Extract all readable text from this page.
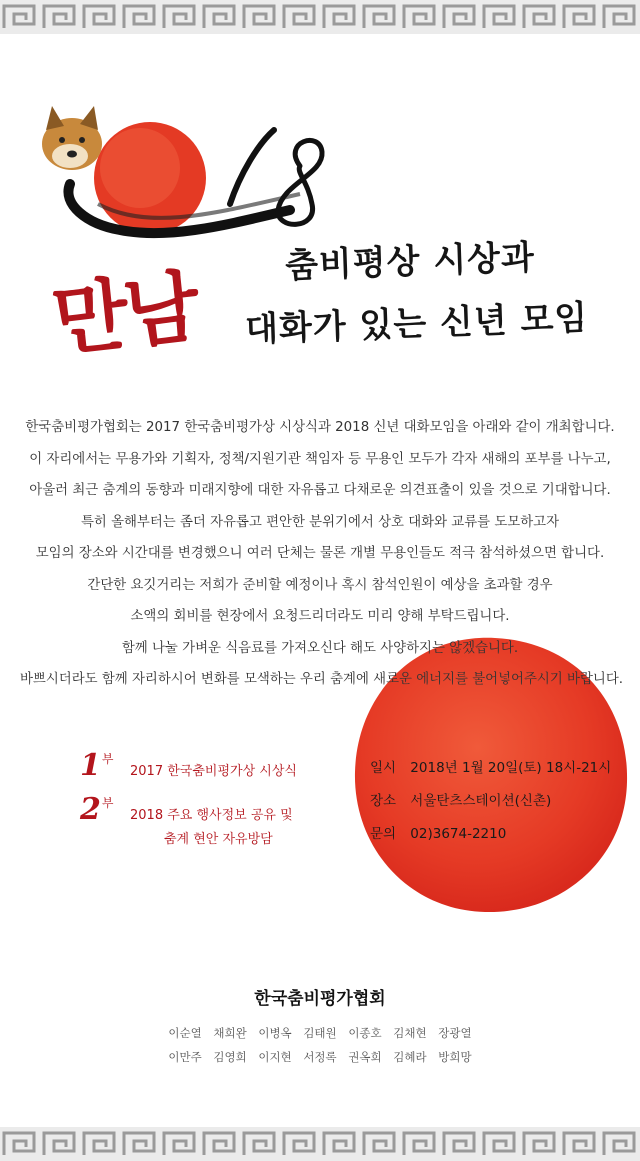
만남 춤비평상 시상과
대화가 있는 신년 모임

한국춤비평가협회는 2017 한국춤비평가상 시상식과 2018 신년 대화모임을 아래와 같이 개최합니다.

이 자리에서는 무용가와 기획자, 정책/지원기관 책임자 등 무용인 모두가 각자 새해의 포부를 나누고,

아울러 최근 춤계의 동향과 미래지향에 대한 자유롭고 다채로운 의견표출이 있을 것으로 기대합니다.

특히 올해부터는 좀더 자유롭고 편안한 분위기에서 상호 대화와 교류를 도모하고자

모임의 장소와 시간대를 변경했으니 여러 단체는 물론 개별 무용인들도 적극 참석하셨으면 합니다.

간단한 요깃거리는 저희가 준비할 예정이나 혹시 참석인원이 예상을 초과할 경우

소액의 회비를 현장에서 요청드리더라도 미리 양해 부탁드립니다.

함께 나눌 가벼운 식음료를 가져오신다 해도 사양하지는 않겠습니다.

바쁘시더라도 함께 자리하시어 변화를 모색하는 우리 춤계에 새로운 에너지를 불어넣어주시기 바랍니다.

$1^부$
2017 한국춤비평가상 시상식
$2^부$
2018 주요 행사정보 공유 및
춤계 현안 자유방담
일시 2018년 1월 20일(토) 18시-21시
장소 서울탄츠스테이션(신촌)
문의 02)3674-2210
한국춤비평가협회
이순열 채희완 이병옥 김태원 이종호 김채현 장광열
이만주 김영희 이지현 서정록 권옥희 김혜라 방희망
